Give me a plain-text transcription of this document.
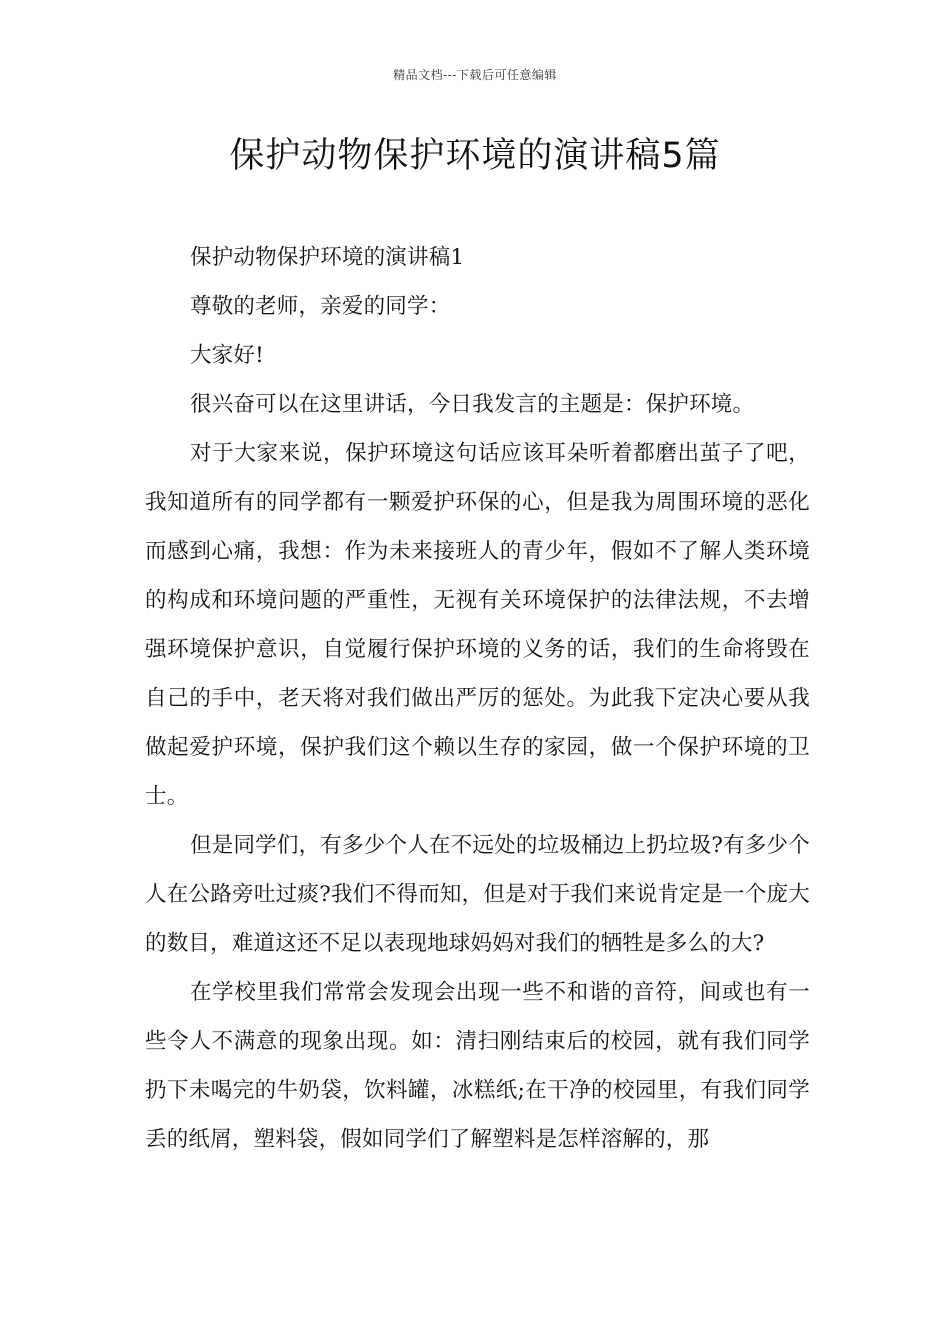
精品文档---下载后可任意编辑
保护动物保护环境的演讲稿5篇

保护动物保护环境的演讲稿1

尊敬的老师，亲爱的同学：

大家好!

很兴奋可以在这里讲话，今日我发言的主题是：保护环境。

对于大家来说，保护环境这句话应该耳朵听着都磨出茧子了吧，我知道所有的同学都有一颗爱护环保的心，但是我为周围环境的恶化而感到心痛，我想：作为未来接班人的青少年，假如不了解人类环境的构成和环境问题的严重性，无视有关环境保护的法律法规，不去增强环境保护意识，自觉履行保护环境的义务的话，我们的生命将毁在自己的手中，老天将对我们做出严厉的惩处。为此我下定决心要从我做起爱护环境，保护我们这个赖以生存的家园，做一个保护环境的卫士。

但是同学们，有多少个人在不远处的垃圾桶边上扔垃圾?有多少个人在公路旁吐过痰?我们不得而知，但是对于我们来说肯定是一个庞大的数目，难道这还不足以表现地球妈妈对我们的牺牲是多么的大?

在学校里我们常常会发现会出现一些不和谐的音符，间或也有一些令人不满意的现象出现。如：清扫刚结束后的校园，就有我们同学扔下未喝完的牛奶袋，饮料罐，冰糕纸;在干净的校园里，有我们同学丢的纸屑，塑料袋，假如同学们了解塑料是怎样溶解的，那
